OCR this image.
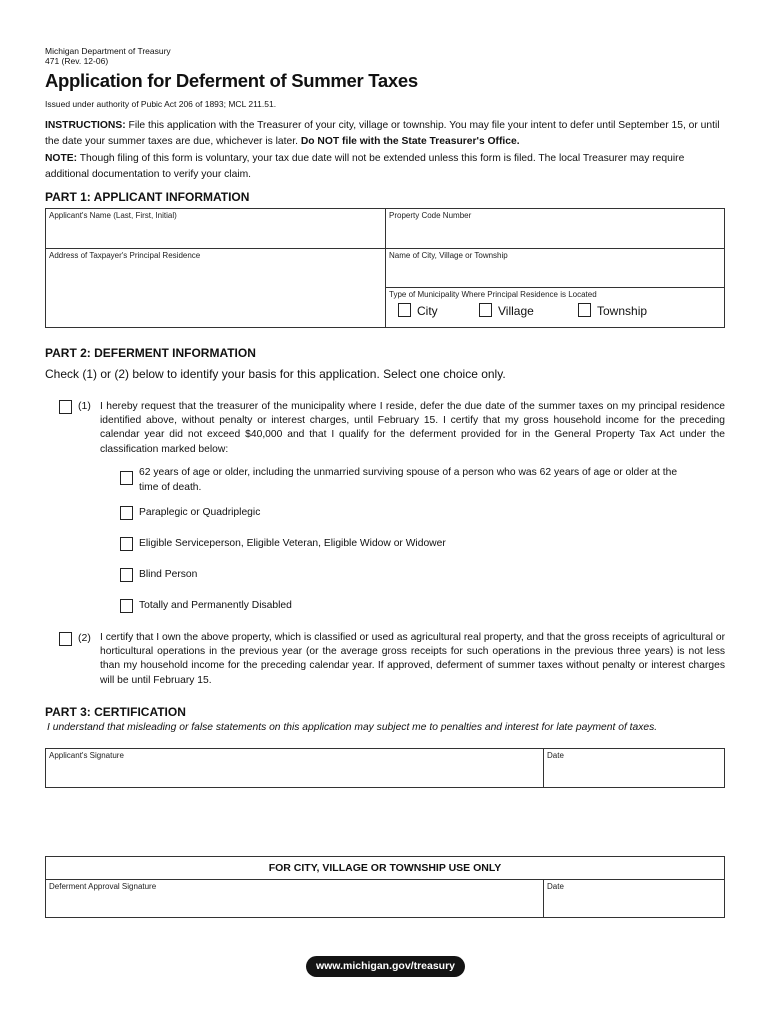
Michigan Department of Treasury
471 (Rev. 12-06)
Application for Deferment of Summer Taxes
Issued under authority of Pubic Act 206 of 1893; MCL 211.51.
INSTRUCTIONS: File this application with the Treasurer of your city, village or township. You may file your intent to defer until September 15, or until the date your summer taxes are due, whichever is later. Do NOT file with the State Treasurer's Office.
NOTE: Though filing of this form is voluntary, your tax due date will not be extended unless this form is filed. The local Treasurer may require additional documentation to verify your claim.
PART 1: APPLICANT INFORMATION
Applicant's Name (Last, First, Initial)	Property Code Number
Address of Taxpayer's Principal Residence	Name of City, Village or Township
Type of Municipality Where Principal Residence is Located
City	Village	Township
PART 2: DEFERMENT INFORMATION
Check (1) or (2) below to identify your basis for this application. Select one choice only.
(1) I hereby request that the treasurer of the municipality where I reside, defer the due date of the summer taxes on my principal residence identified above, without penalty or interest charges, until February 15. I certify that my gross household income for the preceding calendar year did not exceed $40,000 and that I qualify for the deferment provided for in the General Property Tax Act under the classification marked below:
62 years of age or older, including the unmarried surviving spouse of a person who was 62 years of age or older at the time of death.
Paraplegic or Quadriplegic
Eligible Serviceperson, Eligible Veteran, Eligible Widow or Widower
Blind Person
Totally and Permanently Disabled
(2) I certify that I own the above property, which is classified or used as agricultural real property, and that the gross receipts of agricultural or horticultural operations in the previous year (or the average gross receipts for such operations in the previous three years) is not less than my household income for the preceding calendar year. If approved, deferment of summer taxes without penalty or interest charges will be until February 15.
PART 3: CERTIFICATION
I understand that misleading or false statements on this application may subject me to penalties and interest for late payment of taxes.
Applicant's Signature	Date
FOR CITY, VILLAGE OR TOWNSHIP USE ONLY
Deferment Approval Signature	Date
www.michigan.gov/treasury
